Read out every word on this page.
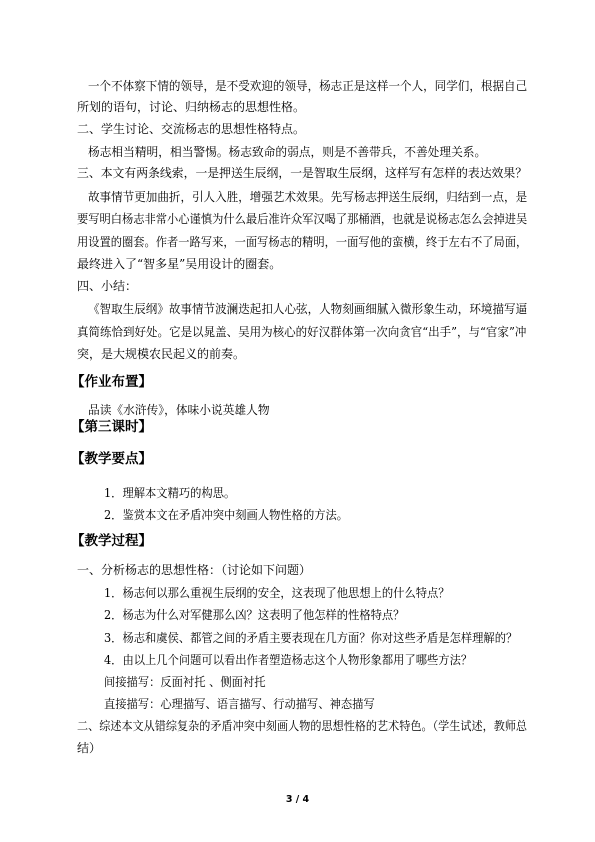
一个不体察下情的领导，是不受欢迎的领导，杨志正是这样一个人，同学们，根据自己
所划的语句，讨论、归纳杨志的思想性格。
二、学生讨论、交流杨志的思想性格特点。
杨志相当精明，相当警惕。杨志致命的弱点，则是不善带兵，不善处理关系。
三、本文有两条线索，一是押送生辰纲，一是智取生辰纲，这样写有怎样的表达效果？
故事情节更加曲折，引人入胜，增强艺术效果。先写杨志押送生辰纲，归结到一点，是
要写明白杨志非常小心谨慎为什么最后准许众军汉喝了那桶酒，也就是说杨志怎么会掉进吴
用设置的圈套。作者一路写来，一面写杨志的精明，一面写他的蛮横，终于左右不了局面，
最终进入了“智多星”吴用设计的圈套。
四、小结：
《智取生辰纲》故事情节波澜迭起扣人心弦，人物刻画细腻入微形象生动，环境描写逼
真简练恰到好处。它是以晁盖、吴用为核心的好汉群体第一次向贪官“出手”，与“官家”冲
突，是大规模农民起义的前奏。
【作业布置】
品读《水浒传》，体味小说英雄人物
【第三课时】
【教学要点】
1．理解本文精巧的构思。
2．鉴赏本文在矛盾冲突中刻画人物性格的方法。
【教学过程】
一、分析杨志的思想性格：（讨论如下问题）
1．杨志何以那么重视生辰纲的安全，这表现了他思想上的什么特点？
2．杨志为什么对军健那么凶？这表明了他怎样的性格特点？
3．杨志和虞侯、都管之间的矛盾主要表现在几方面？你对这些矛盾是怎样理解的？
4．由以上几个问题可以看出作者塑造杨志这个人物形象都用了哪些方法？
间接描写：反面衬托 、侧面衬托
直接描写：心理描写、语言描写、行动描写、神态描写
二、综述本文从错综复杂的矛盾冲突中刻画人物的思想性格的艺术特色。（学生试述，教师总
结）
3 / 4
